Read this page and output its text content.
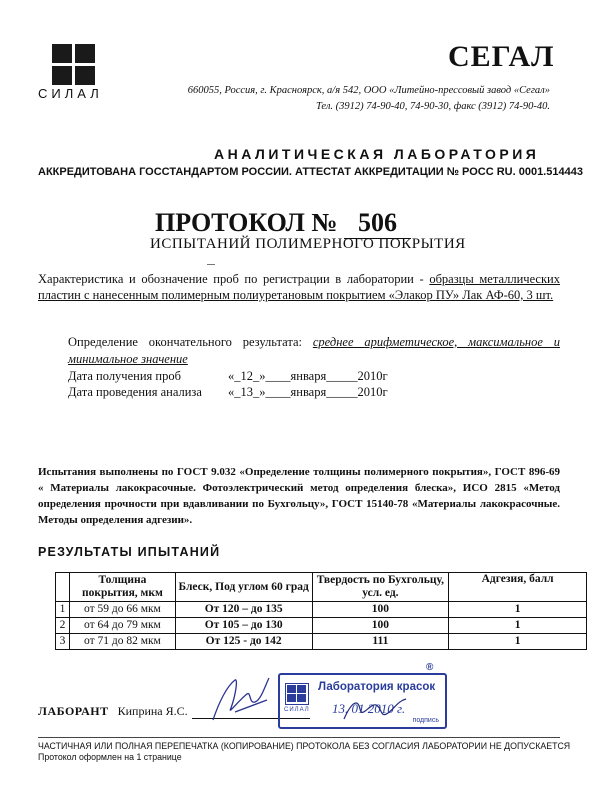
СИЛАЛ
СЕГАЛ
660055, Россия, г. Красноярск, а/я 542, ООО «Литейно-прессовый завод «Сегал»
Тел. (3912) 74-90-40, 74-90-30, факс (3912) 74-90-40.
АНАЛИТИЧЕСКАЯ ЛАБОРАТОРИЯ
АККРЕДИТОВАНА ГОССТАНДАРТОМ РОССИИ. АТТЕСТАТ АККРЕДИТАЦИИ № РОСС RU. 0001.514443
ПРОТОКОЛ № 506
ИСПЫТАНИЙ ПОЛИМЕРНОГО ПОКРЫТИЯ
Характеристика и обозначение проб по регистрации в лаборатории - образцы металлических пластин с нанесенным полимерным полиуретановым покрытием «Элакор ПУ» Лак АФ-60, 3 шт.
Определение окончательного результата: среднее арифметическое, максимальное и минимальное значение
Дата получения проб	«_12_»____января_____2010г
Дата проведения анализа «_13_»____января_____2010г
Испытания выполнены по ГОСТ 9.032 «Определение толщины полимерного покрытия», ГОСТ 896-69 « Материалы лакокрасочные. Фотоэлектрический метод определения блеска», ИСО 2815 «Метод определения прочности при вдавливании по Бухгольцу», ГОСТ 15140-78 «Материалы лакокрасочные. Методы определения адгезии».
РЕЗУЛЬТАТЫ ИПЫТАНИЙ
	Толщина покрытия, мкм	Блеск, Под углом 60 град	Твердость по Бухгольцу, усл. ед.	Адгезия, балл
1	от 59 до 66 мкм	От 120 – до 135	100	1
2	от 64 до 79 мкм	От 105 – до 130	100	1
3	от 71 до 82 мкм	От 125 - до 142	111	1
ЛАБОРАНТ Киприна Я.С.	СИЛАЛ
®
Лаборатория красок
13. 01 2010 г.
подпись
ЧАСТИЧНАЯ ИЛИ ПОЛНАЯ ПЕРЕПЕЧАТКА (КОПИРОВАНИЕ) ПРОТОКОЛА БЕЗ СОГЛАСИЯ ЛАБОРАТОРИИ НЕ ДОПУСКАЕТСЯ
Протокол оформлен на 1 странице
